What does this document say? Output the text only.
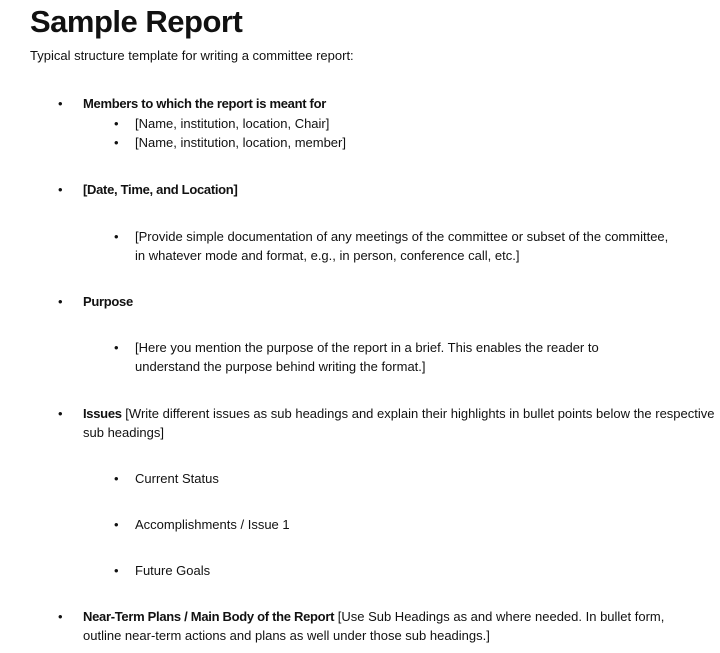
Sample Report
Typical structure template for writing a committee report:
• Members to which the report is meant for
• [Name, institution, location, Chair]
• [Name, institution, location, member]
• [Date, Time, and Location]
• [Provide simple documentation of any meetings of the committee or subset of the committee, in whatever mode and format, e.g., in person, conference call, etc.]
• Purpose
• [Here you mention the purpose of the report in a brief. This enables the reader to understand the purpose behind writing the format.]
• Issues [Write different issues as sub headings and explain their highlights in bullet points below the respective sub headings]
• Current Status
• Accomplishments / Issue 1
• Future Goals
• Near-Term Plans / Main Body of the Report [Use Sub Headings as and where needed. In bullet form, outline near-term actions and plans as well under those sub headings.]
